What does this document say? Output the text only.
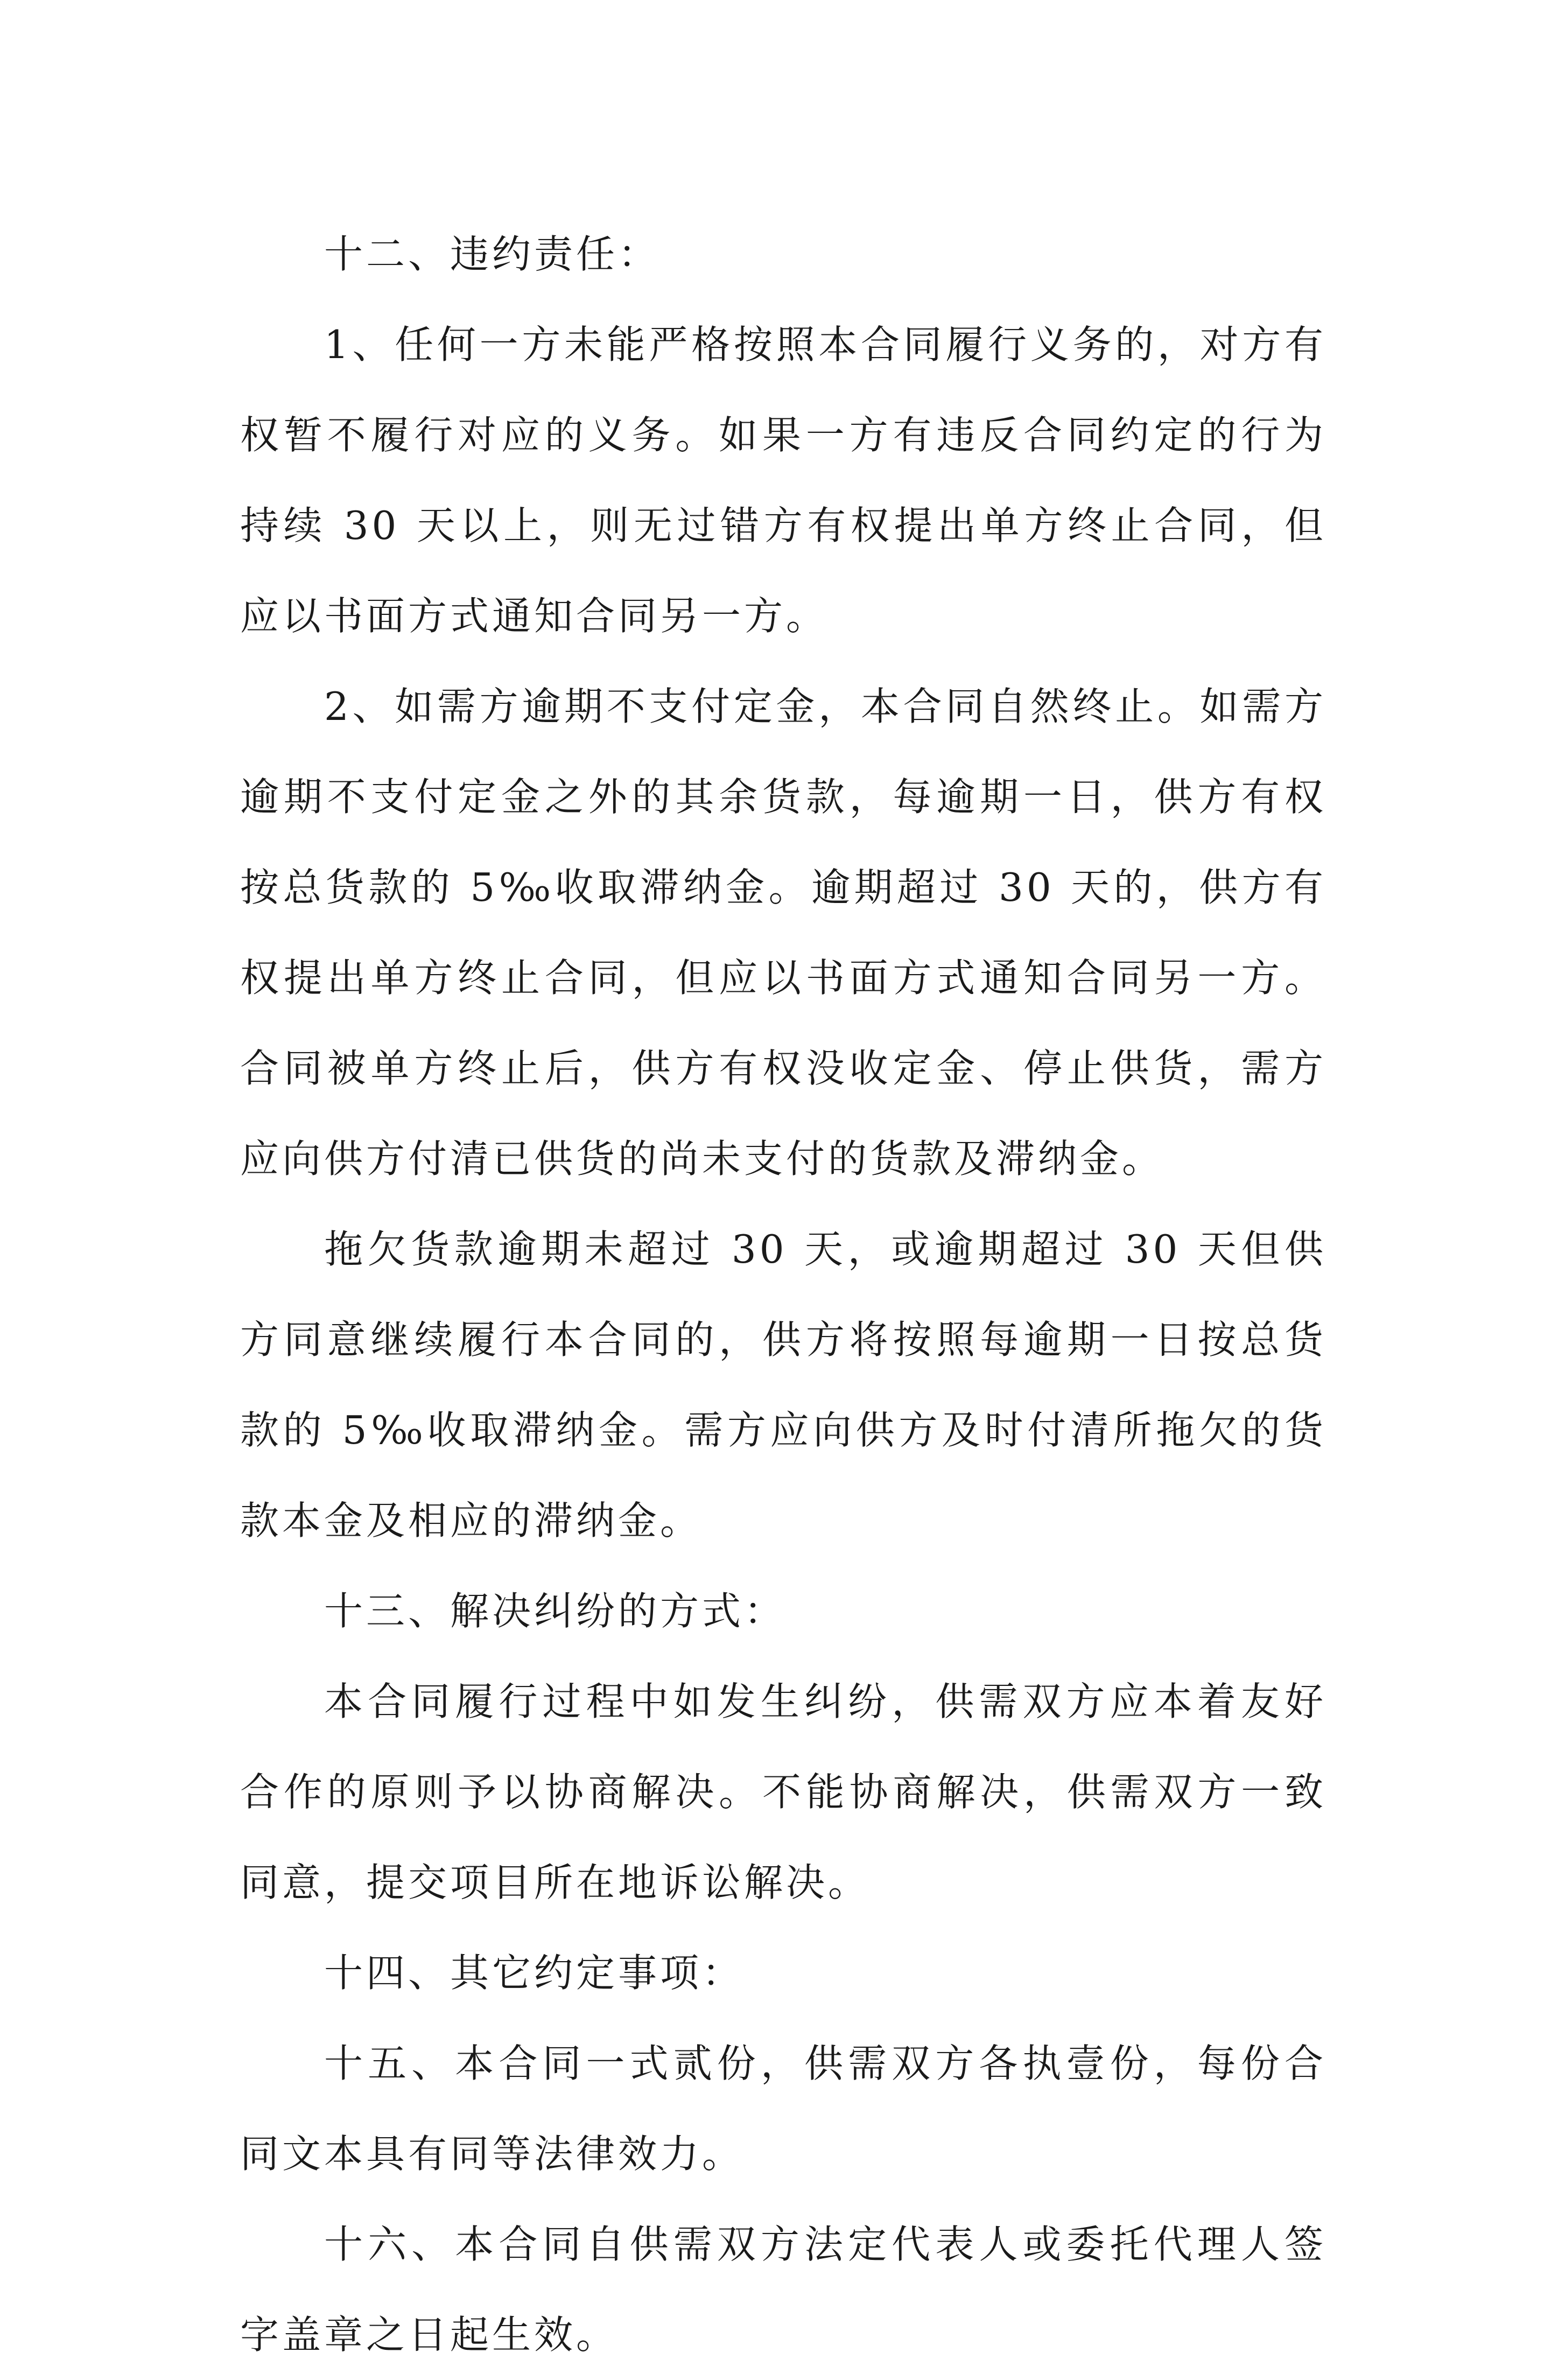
十二、违约责任：

1、任何一方未能严格按照本合同履行义务的，对方有权暂不履行对应的义务。如果一方有违反合同约定的行为持续 30 天以上，则无过错方有权提出单方终止合同，但应以书面方式通知合同另一方。

2、如需方逾期不支付定金，本合同自然终止。如需方逾期不支付定金之外的其余货款，每逾期一日，供方有权按总货款的 5‰收取滞纳金。逾期超过 30 天的，供方有权提出单方终止合同，但应以书面方式通知合同另一方。合同被单方终止后，供方有权没收定金、停止供货，需方应向供方付清已供货的尚未支付的货款及滞纳金。

拖欠货款逾期未超过 30 天，或逾期超过 30 天但供方同意继续履行本合同的，供方将按照每逾期一日按总货款的 5‰收取滞纳金。需方应向供方及时付清所拖欠的货款本金及相应的滞纳金。

十三、解决纠纷的方式：

本合同履行过程中如发生纠纷，供需双方应本着友好合作的原则予以协商解决。不能协商解决，供需双方一致同意，提交项目所在地诉讼解决。

十四、其它约定事项：

十五、本合同一式贰份，供需双方各执壹份，每份合同文本具有同等法律效力。

十六、本合同自供需双方法定代表人或委托代理人签字盖章之日起生效。
